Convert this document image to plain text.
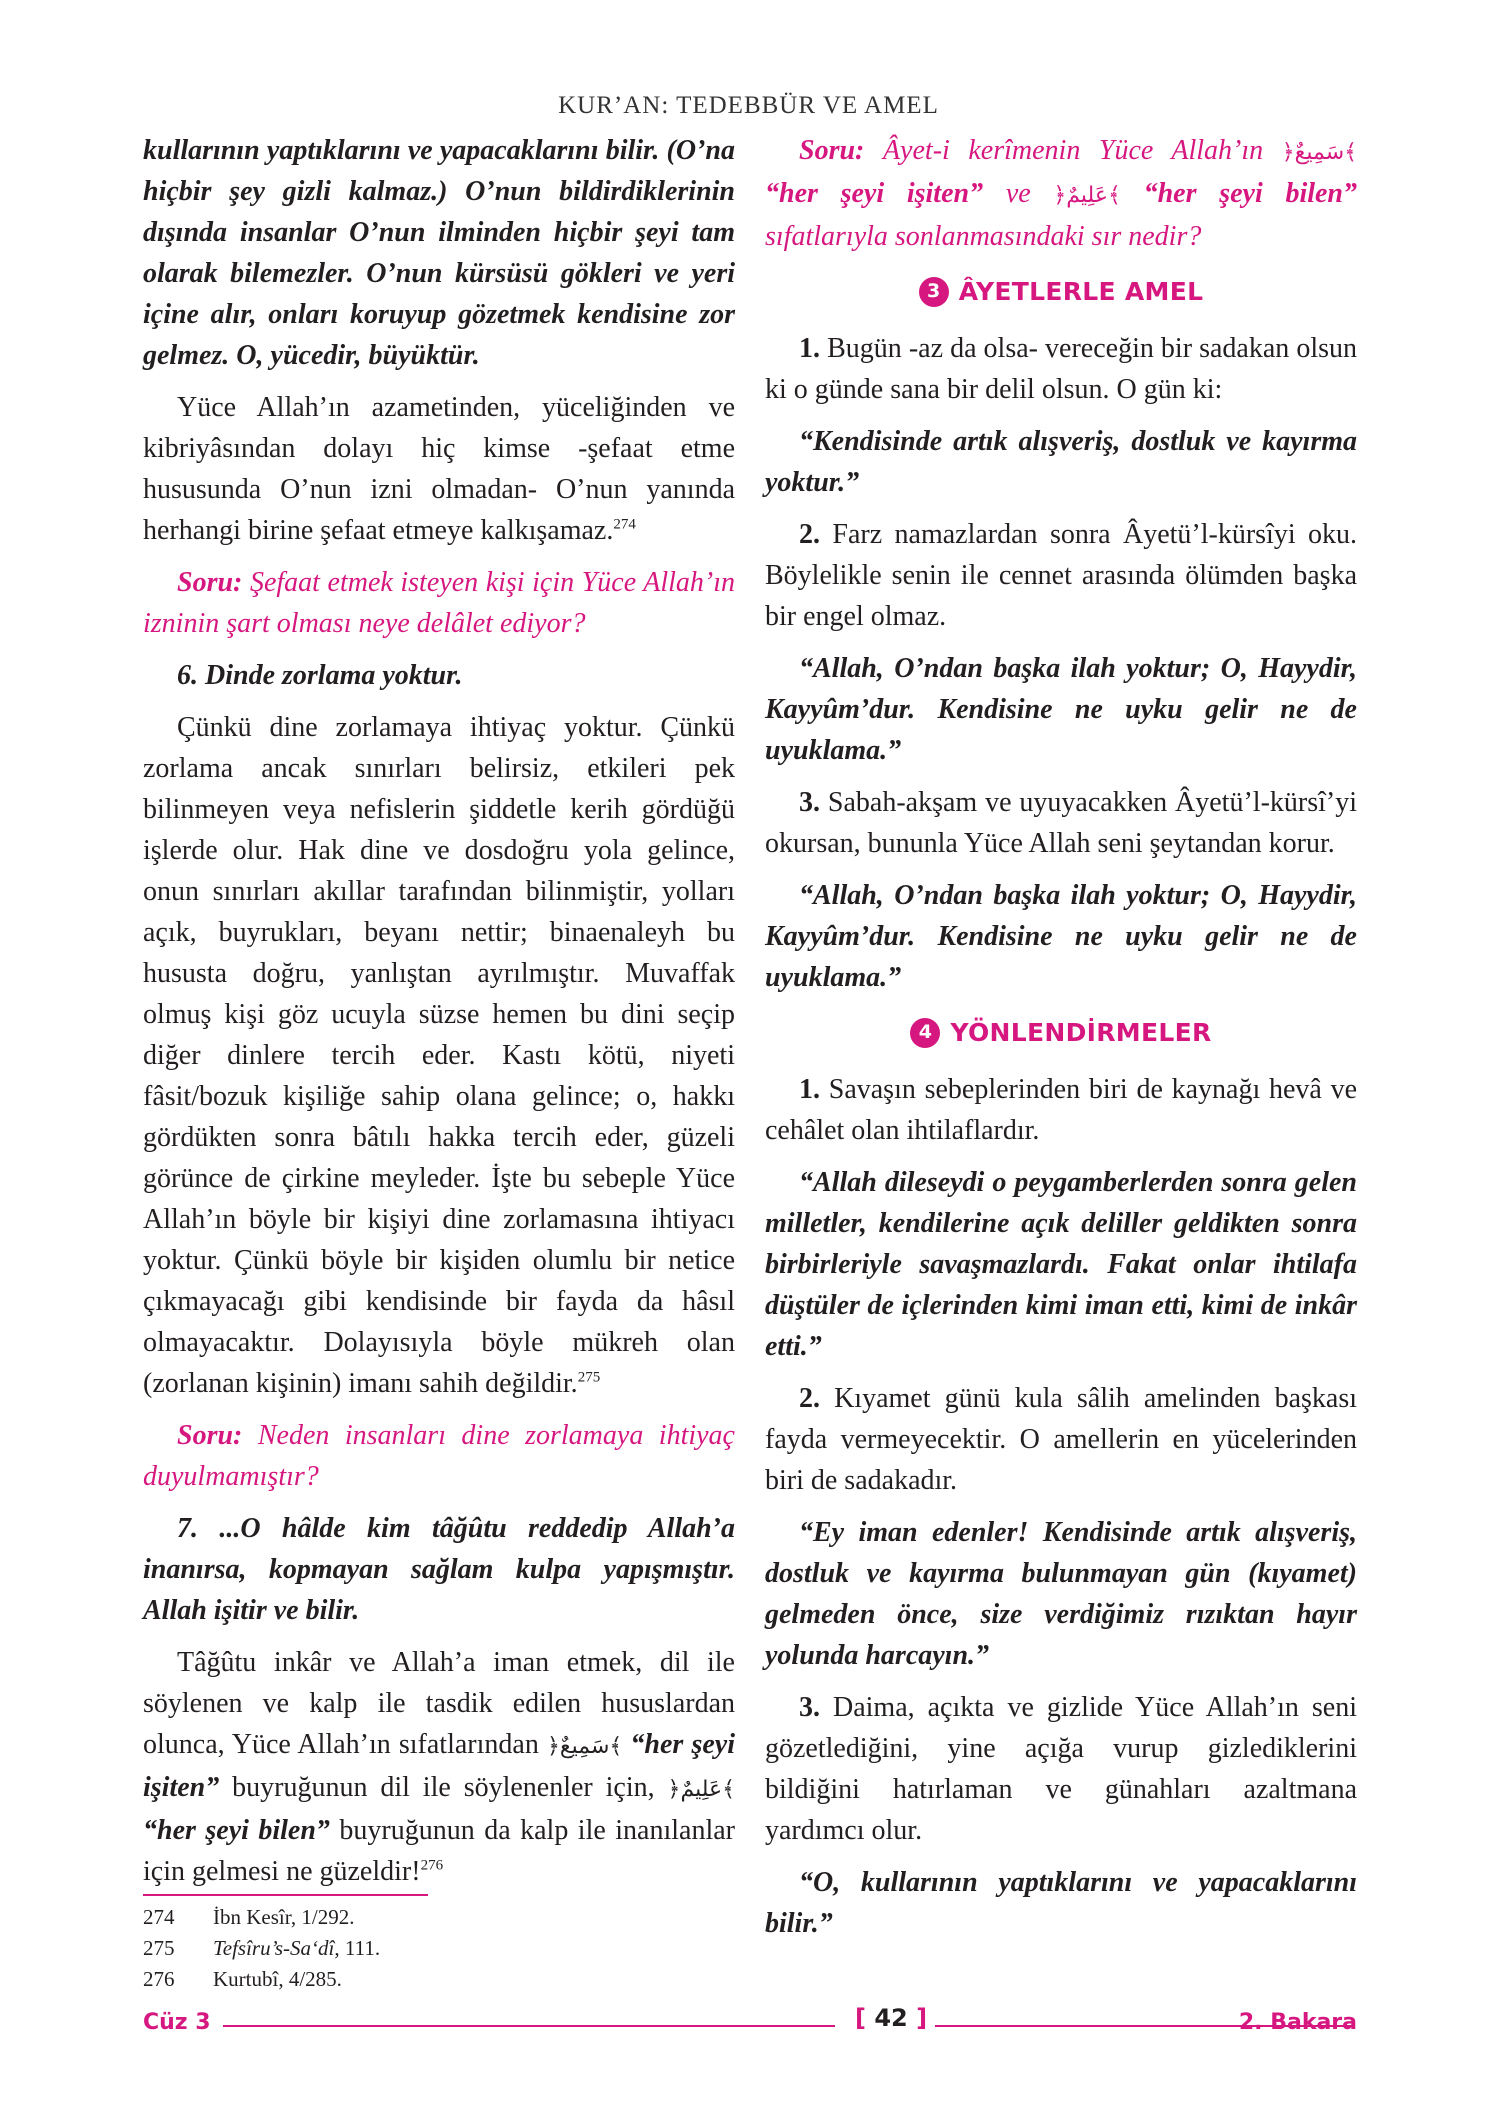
KUR’AN: TEDEBBÜR VE AMEL

kullarının yaptıklarını ve yapacaklarını bilir. (O’na hiçbir şey gizli kalmaz.) O’nun bildirdiklerinin dışında insanlar O’nun ilminden hiçbir şeyi tam olarak bilemezler. O’nun kürsüsü gökleri ve yeri içine alır, onları koruyup gözetmek kendisine zor gelmez. O, yücedir, büyüktür.

Yüce Allah’ın azametinden, yüceliğinden ve kibriyâsından dolayı hiç kimse -şefaat etme hususunda O’nun izni olmadan- O’nun yanında herhangi birine şefaat etmeye kalkışamaz.$^{274}$

Soru: Şefaat etmek isteyen kişi için Yüce Allah’ın izninin şart olması neye delâlet ediyor?

6. Dinde zorlama yoktur.

Çünkü dine zorlamaya ihtiyaç yoktur. Çünkü zorlama ancak sınırları belirsiz, etkileri pek bilinmeyen veya nefislerin şiddetle kerih gördüğü işlerde olur. Hak dine ve dosdoğru yola gelince, onun sınırları akıllar tarafından bilinmiştir, yolları açık, buyrukları, beyanı nettir; binaenaleyh bu hususta doğru, yanlıştan ayrılmıştır. Muvaffak olmuş kişi göz ucuyla süzse hemen bu dini seçip diğer dinlere tercih eder. Kastı kötü, niyeti fâsit/bozuk kişiliğe sahip olana gelince; o, hakkı gördükten sonra bâtılı hakka tercih eder, güzeli görünce de çirkine meyleder. İşte bu sebeple Yüce Allah’ın böyle bir kişiyi dine zorlamasına ihtiyacı yoktur. Çünkü böyle bir kişiden olumlu bir netice çıkmayacağı gibi kendisinde bir fayda da hâsıl olmayacaktır. Dolayısıyla böyle mükreh olan (zorlanan kişinin) imanı sahih değildir.$^{275}$

Soru: Neden insanları dine zorlamaya ihtiyaç duyulmamıştır?

7. ...O hâlde kim tâğûtu reddedip Allah’a inanırsa, kopmayan sağlam kulpa yapışmıştır. Allah işitir ve bilir.

Tâğûtu inkâr ve Allah’a iman etmek, dil ile söylenen ve kalp ile tasdik edilen hususlardan olunca, Yüce Allah’ın sıfatlarından ﴿سَمِيعٌ﴾ “her şeyi işiten” buyruğunun dil ile söylenenler için, ﴿عَلِيمٌ﴾ “her şeyi bilen” buyruğunun da kalp ile inanılanlar için gelmesi ne güzeldir!$^{276}$

Soru: Âyet-i kerîmenin Yüce Allah’ın ﴿سَمِيعٌ﴾ “her şeyi işiten” ve ﴿عَلِيمٌ﴾ “her şeyi bilen” sıfatlarıyla sonlanmasındaki sır nedir?

3 ÂYETLERLE AMEL

1. Bugün -az da olsa- vereceğin bir sadakan olsun ki o günde sana bir delil olsun. O gün ki:

“Kendisinde artık alışveriş, dostluk ve kayırma yoktur.”

2. Farz namazlardan sonra Âyetü’l-kürsîyi oku. Böylelikle senin ile cennet arasında ölümden başka bir engel olmaz.

“Allah, O’ndan başka ilah yoktur; O, Hayydir, Kayyûm’dur. Kendisine ne uyku gelir ne de uyuklama.”

3. Sabah-akşam ve uyuyacakken Âyetü’l-kürsî’yi okursan, bununla Yüce Allah seni şeytandan korur.

“Allah, O’ndan başka ilah yoktur; O, Hayydir, Kayyûm’dur. Kendisine ne uyku gelir ne de uyuklama.”

4 YÖNLENDİRMELER

1. Savaşın sebeplerinden biri de kaynağı hevâ ve cehâlet olan ihtilaflardır.

“Allah dileseydi o peygamberlerden sonra gelen milletler, kendilerine açık deliller geldikten sonra birbirleriyle savaşmazlardı. Fakat onlar ihtilafa düştüler de içlerinden kimi iman etti, kimi de inkâr etti.”

2. Kıyamet günü kula sâlih amelinden başkası fayda vermeyecektir. O amellerin en yücelerinden biri de sadakadır.

“Ey iman edenler! Kendisinde artık alışveriş, dostluk ve kayırma bulunmayan gün (kıyamet) gelmeden önce, size verdiğimiz rızıktan hayır yolunda harcayın.”

3. Daima, açıkta ve gizlide Yüce Allah’ın seni gözetlediğini, yine açığa vurup gizlediklerini bildiğini hatırlaman ve günahları azaltmana yardımcı olur.

“O, kullarının yaptıklarını ve yapacaklarını bilir.”

274	İbn Kesîr, 1/292.
275	Tefsîru’s-Sa‘dî, 111.
276	Kurtubî, 4/285.
Cüz 3	[ 42 ]	2. Bakara
